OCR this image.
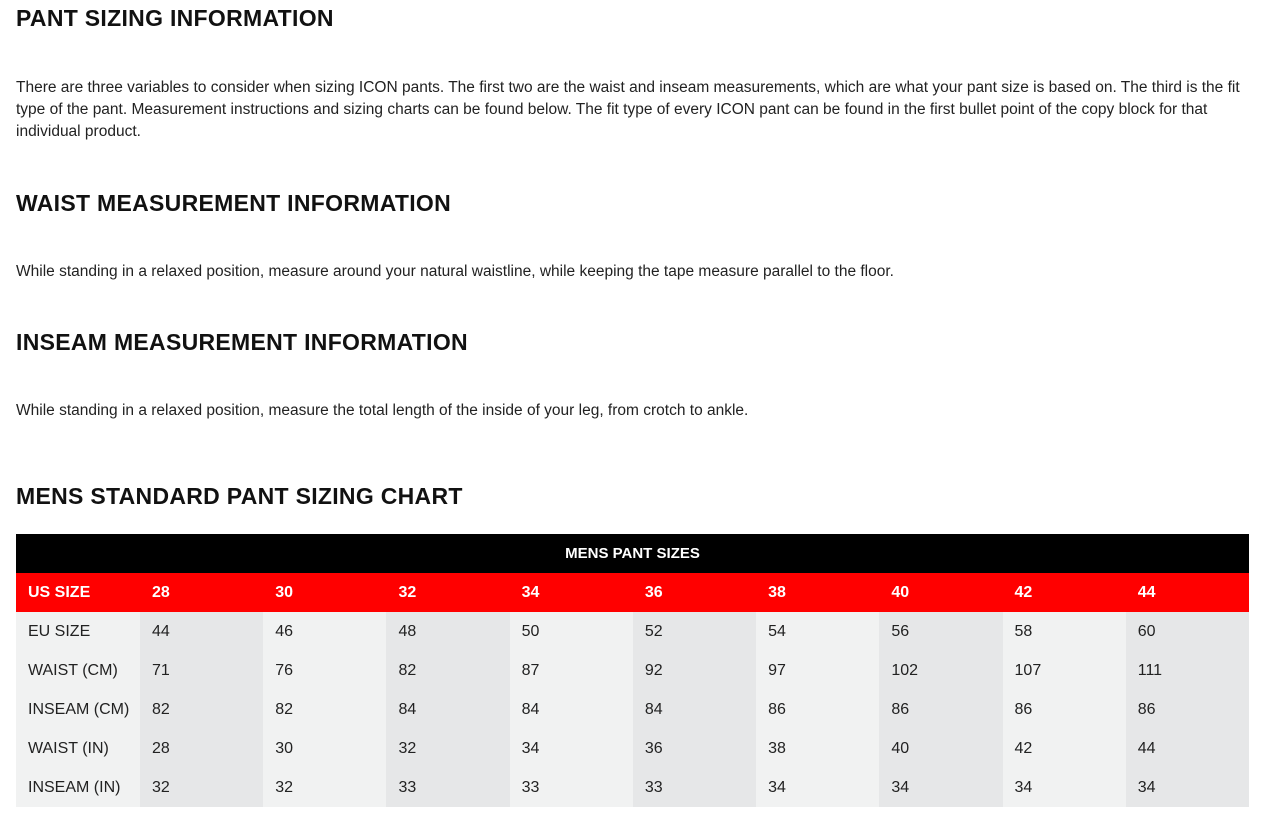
PANT SIZING INFORMATION

There are three variables to consider when sizing ICON pants. The first two are the waist and inseam measurements, which are what your pant size is based on. The third is the fit type of the pant. Measurement instructions and sizing charts can be found below. The fit type of every ICON pant can be found in the first bullet point of the copy block for that individual product.

WAIST MEASUREMENT INFORMATION

While standing in a relaxed position, measure around your natural waistline, while keeping the tape measure parallel to the floor.

INSEAM MEASUREMENT INFORMATION

While standing in a relaxed position, measure the total length of the inside of your leg, from crotch to ankle.

MENS STANDARD PANT SIZING CHART
MENS PANT SIZES									
US SIZE	28	30	32	34	36	38	40	42	44
EU SIZE	44	46	48	50	52	54	56	58	60
WAIST (CM)	71	76	82	87	92	97	102	107	111
INSEAM (CM)	82	82	84	84	84	86	86	86	86
WAIST (IN)	28	30	32	34	36	38	40	42	44
INSEAM (IN)	32	32	33	33	33	34	34	34	34
